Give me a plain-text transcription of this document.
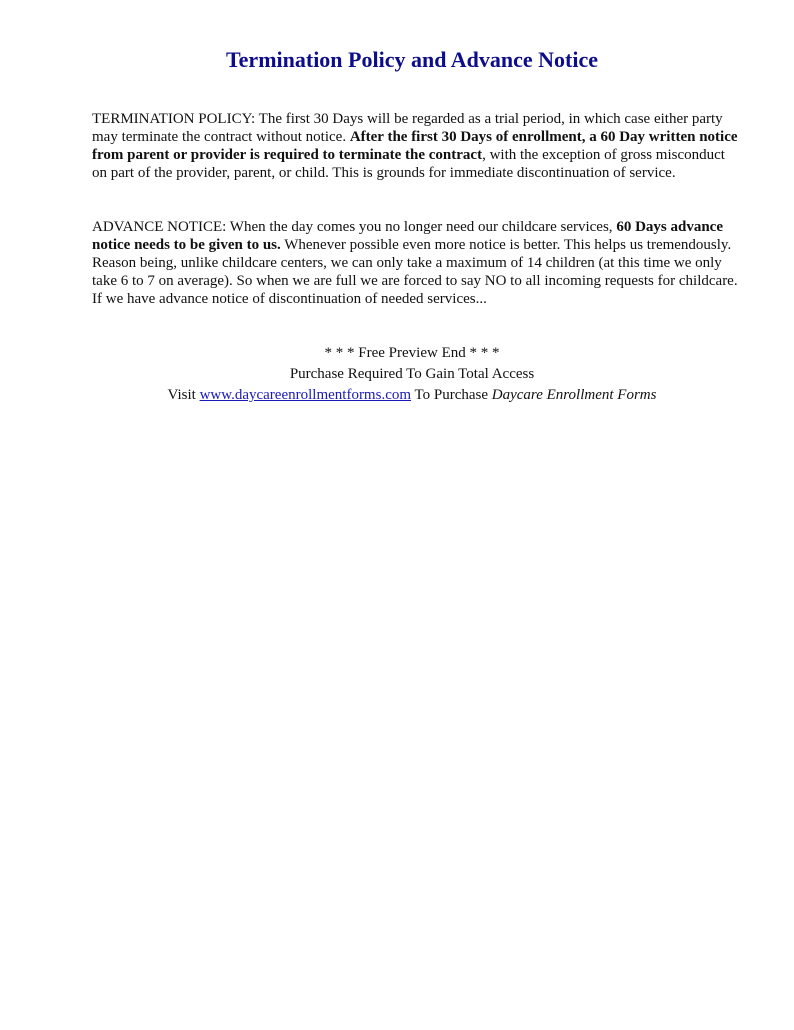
Termination Policy and Advance Notice

TERMINATION POLICY: The first 30 Days will be regarded as a trial period, in which case either party may terminate the contract without notice. After the first 30 Days of enrollment, a 60 Day written notice from parent or provider is required to terminate the contract, with the exception of gross misconduct on part of the provider, parent, or child. This is grounds for immediate discontinuation of service.

ADVANCE NOTICE: When the day comes you no longer need our childcare services, 60 Days advance notice needs to be given to us. Whenever possible even more notice is better. This helps us tremendously. Reason being, unlike childcare centers, we can only take a maximum of 14 children (at this time we only take 6 to 7 on average). So when we are full we are forced to say NO to all incoming requests for childcare. If we have advance notice of discontinuation of needed services...

* * * Free Preview End * * *
Purchase Required To Gain Total Access
Visit www.daycareenrollmentforms.com To Purchase Daycare Enrollment Forms
